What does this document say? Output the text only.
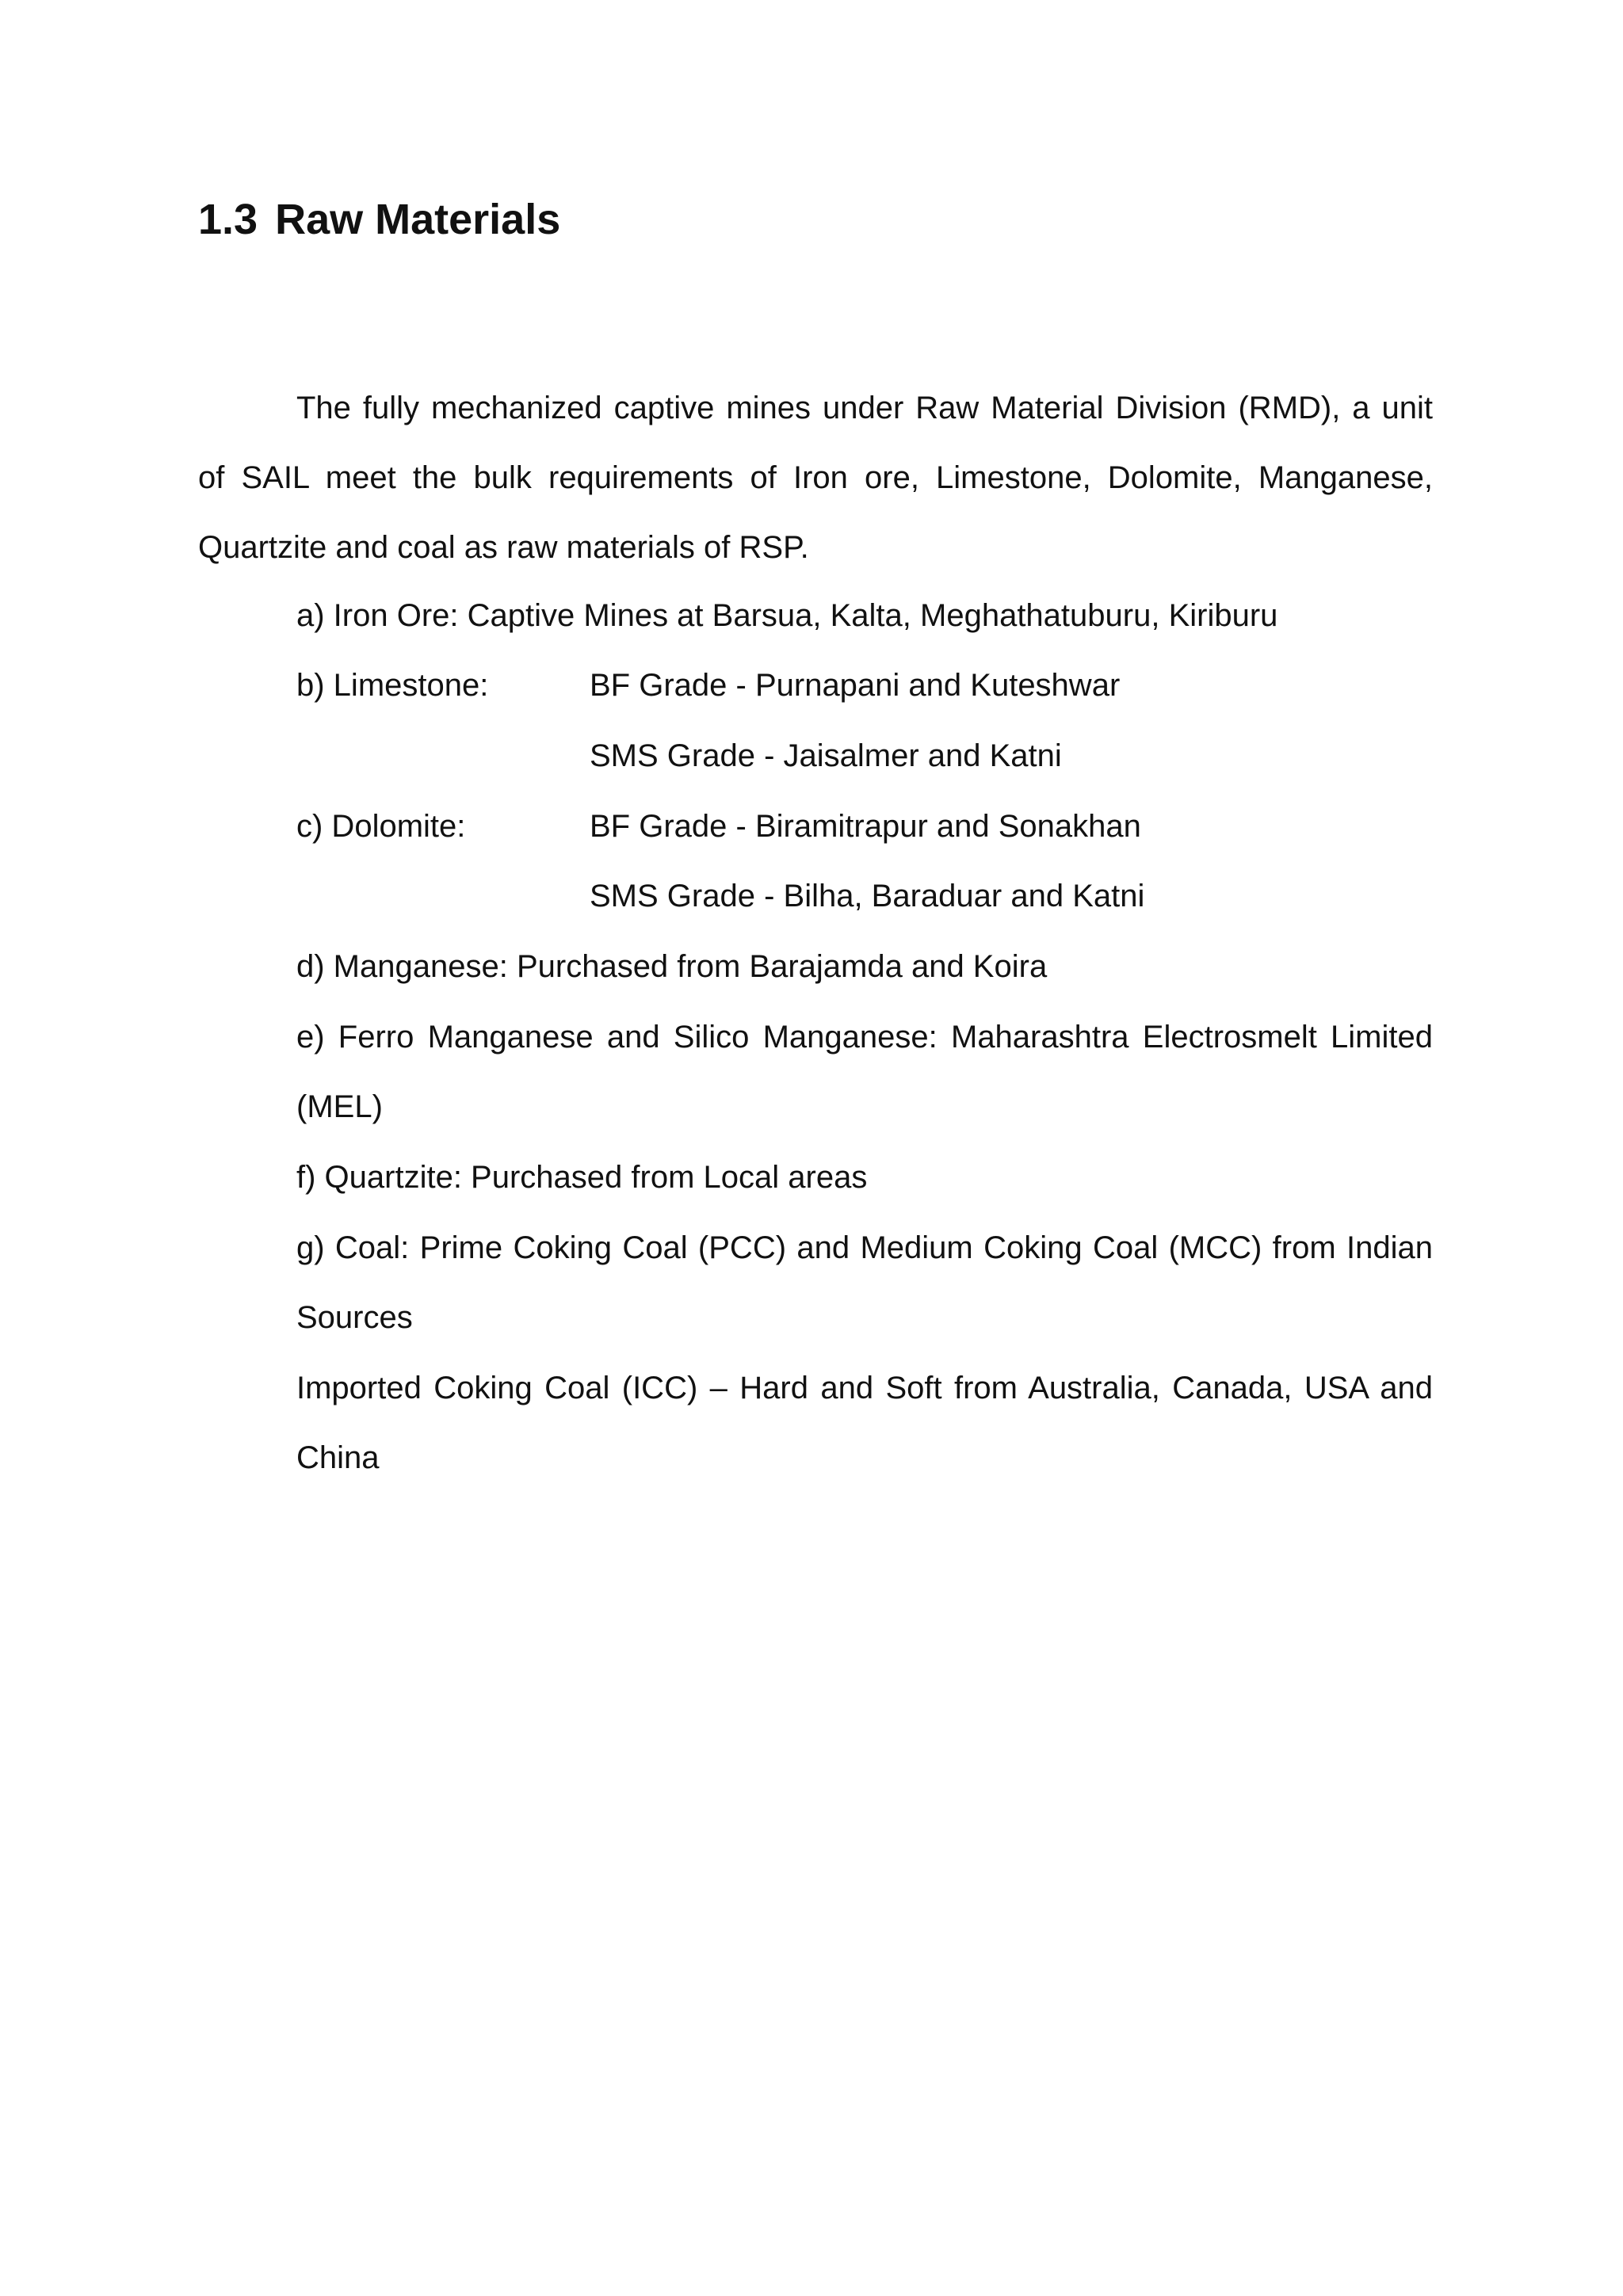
1.3 Raw Materials

The fully mechanized captive mines under Raw Material Division (RMD), a unit of SAIL meet the bulk requirements of Iron ore, Limestone, Dolomite, Manganese, Quartzite and coal as raw materials of RSP.

a) Iron Ore: Captive Mines at Barsua, Kalta, Meghathatuburu, Kiriburu

b) Limestone:	BF Grade - Purnapani and Kuteshwar

SMS Grade - Jaisalmer and Katni

c) Dolomite:	BF Grade - Biramitrapur and Sonakhan

SMS Grade - Bilha, Baraduar and Katni

d) Manganese: Purchased from Barajamda and Koira

e) Ferro Manganese and Silico Manganese: Maharashtra Electrosmelt Limited (MEL)

f) Quartzite: Purchased from Local areas

g) Coal: Prime Coking Coal (PCC) and Medium Coking Coal (MCC) from Indian Sources

Imported Coking Coal (ICC) – Hard and Soft from Australia, Canada, USA and China
